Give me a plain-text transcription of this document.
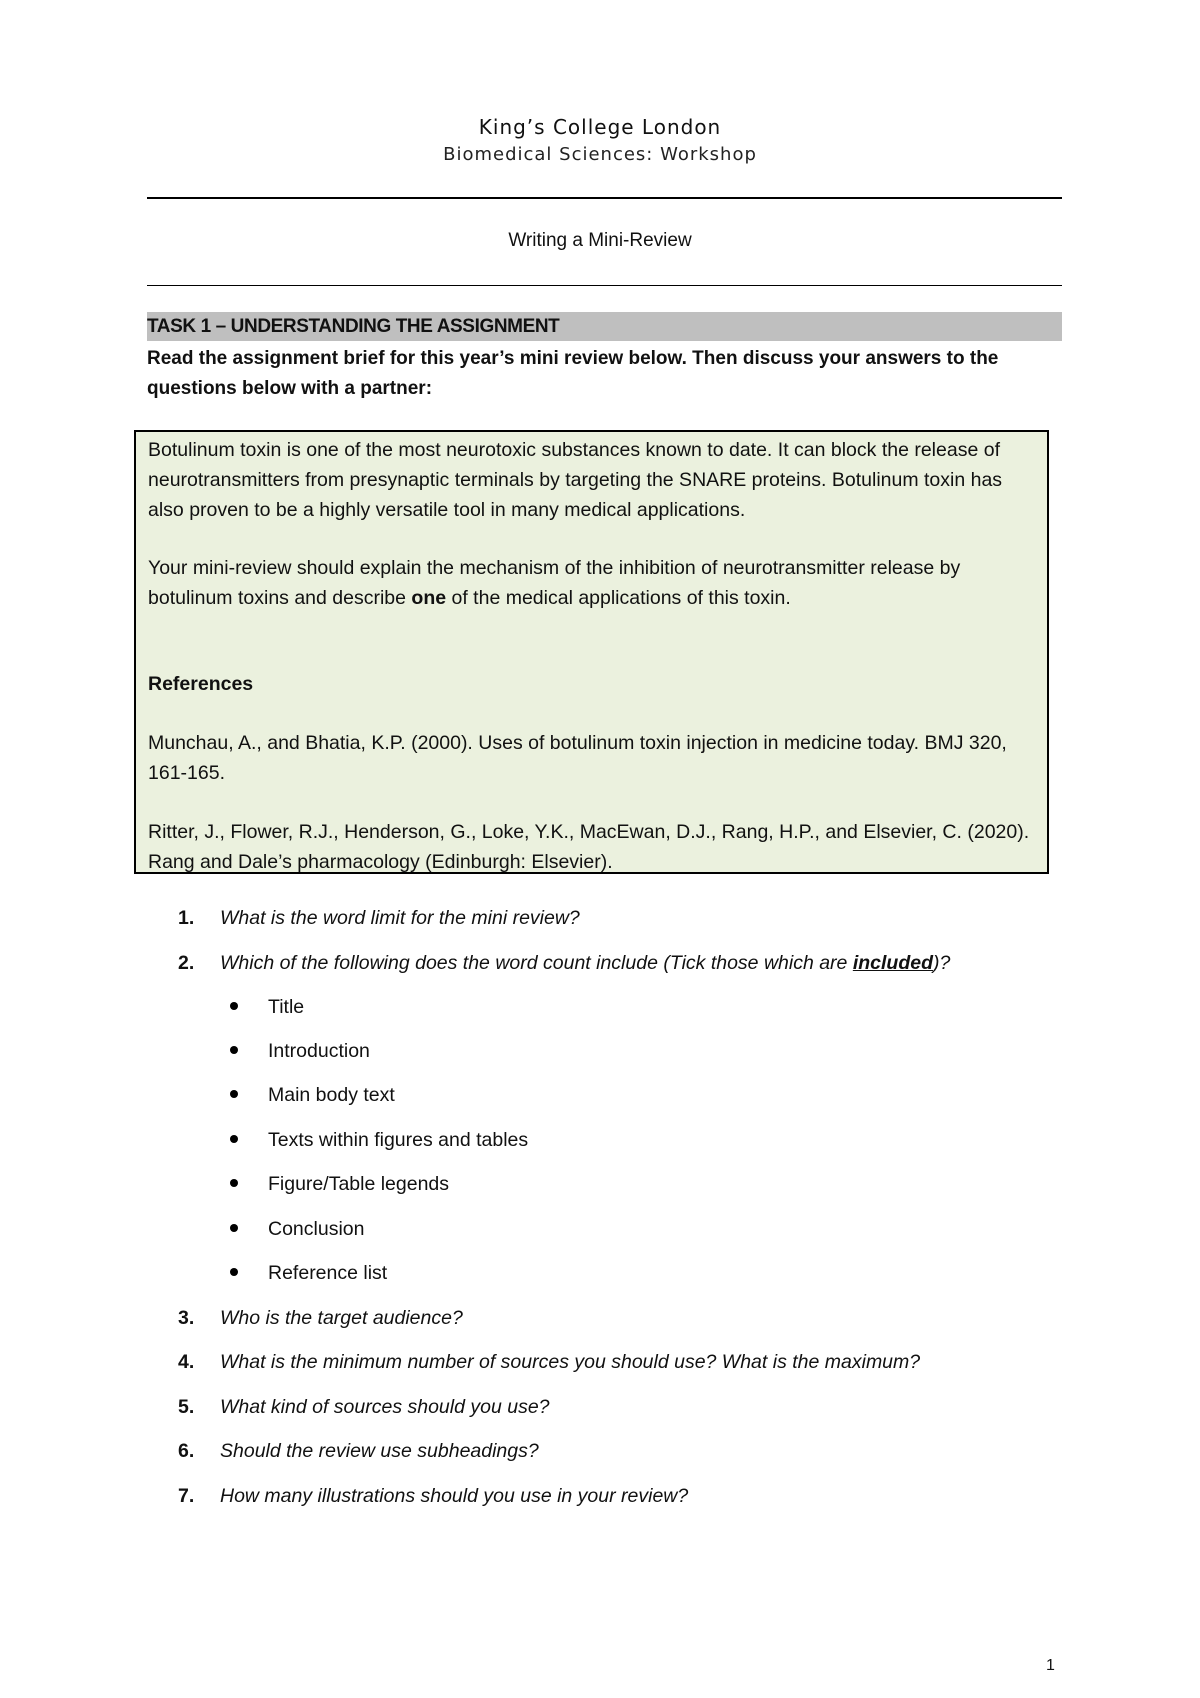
King’s College London
Biomedical Sciences: Workshop
Writing a Mini-Review
TASK 1 – UNDERSTANDING THE ASSIGNMENT
Read the assignment brief for this year’s mini review below. Then discuss your answers to the questions below with a partner:

Botulinum toxin is one of the most neurotoxic substances known to date. It can block the release of neurotransmitters from presynaptic terminals by targeting the SNARE proteins. Botulinum toxin has also proven to be a highly versatile tool in many medical applications.

Your mini-review should explain the mechanism of the inhibition of neurotransmitter release by botulinum toxins and describe one of the medical applications of this toxin.

References

Munchau, A., and Bhatia, K.P. (2000). Uses of botulinum toxin injection in medicine today. BMJ 320, 161-165.

Ritter, J., Flower, R.J., Henderson, G., Loke, Y.K., MacEwan, D.J., Rang, H.P., and Elsevier, C. (2020). Rang and Dale’s pharmacology (Edinburgh: Elsevier).

1. What is the word limit for the mini review?
2. Which of the following does the word count include (Tick those which are included)?
Title
Introduction
Main body text
Texts within figures and tables
Figure/Table legends
Conclusion
Reference list
3. Who is the target audience?
4. What is the minimum number of sources you should use? What is the maximum?
5. What kind of sources should you use?
6. Should the review use subheadings?
7. How many illustrations should you use in your review?
1
